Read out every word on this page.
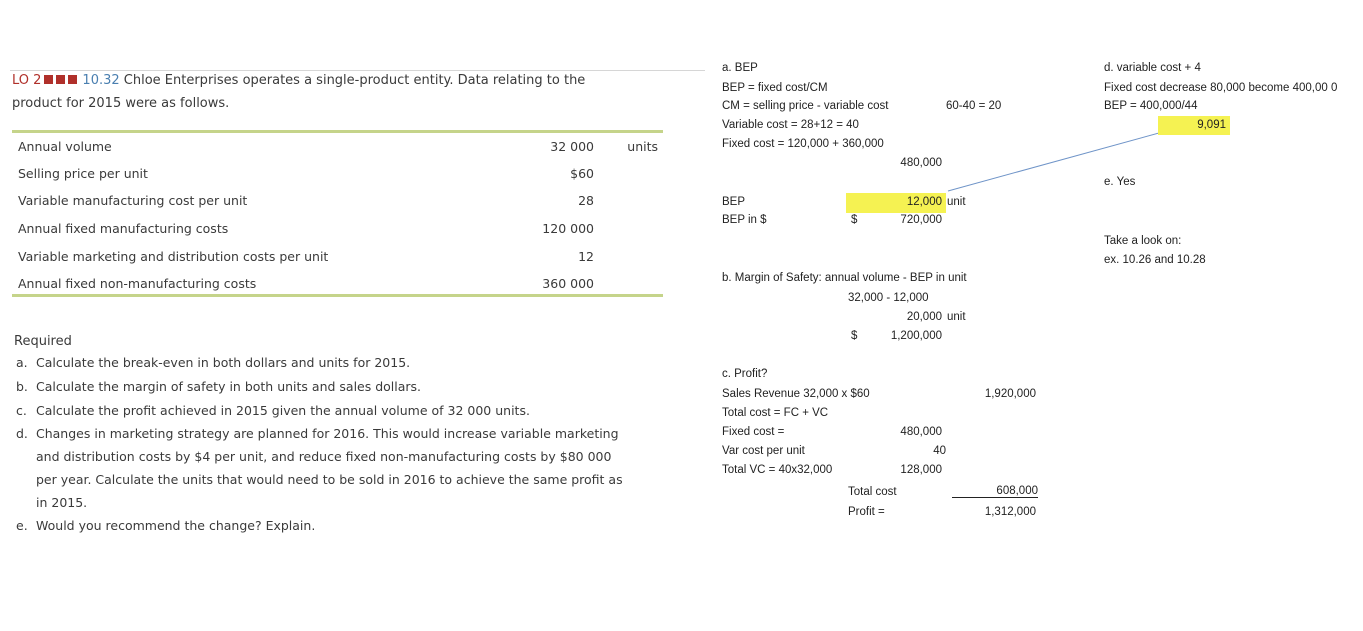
LO 2	10.32 Chloe Enterprises operates a single-product entity. Data relating to the
product for 2015 were as follows.
Annual volume	32 000	units
Selling price per unit	$60
Variable manufacturing cost per unit	28
Annual fixed manufacturing costs	120 000
Variable marketing and distribution costs per unit	12
Annual fixed non-manufacturing costs	360 000
Required
a. Calculate the break-even in both dollars and units for 2015.
b. Calculate the margin of safety in both units and sales dollars.
c. Calculate the profit achieved in 2015 given the annual volume of 32 000 units.
d. Changes in marketing strategy are planned for 2016. This would increase variable marketing
and distribution costs by $4 per unit, and reduce fixed non-manufacturing costs by $80 000
per year. Calculate the units that would need to be sold in 2016 to achieve the same profit as
in 2015.
e. Would you recommend the change? Explain.
a. BEP
BEP = fixed cost/CM
CM = selling price - variable cost	60-40 = 20
Variable cost = 28+12 = 40
Fixed cost = 120,000 + 360,000
480,000
BEP	12,000 unit
BEP in $	$	720,000
b. Margin of Safety: annual volume - BEP in unit
32,000 - 12,000
20,000 unit
$	1,200,000
c. Profit?
Sales Revenue 32,000 x $60	1,920,000
Total cost = FC + VC
Fixed cost =	480,000
Var cost per unit	40
Total VC = 40x32,000	128,000
Total cost	608,000
Profit =	1,312,000
d. variable cost + 4
Fixed cost decrease 80,000 become 400,00 0
BEP = 400,000/44
9,091
e. Yes
Take a look on:
ex. 10.26 and 10.28
